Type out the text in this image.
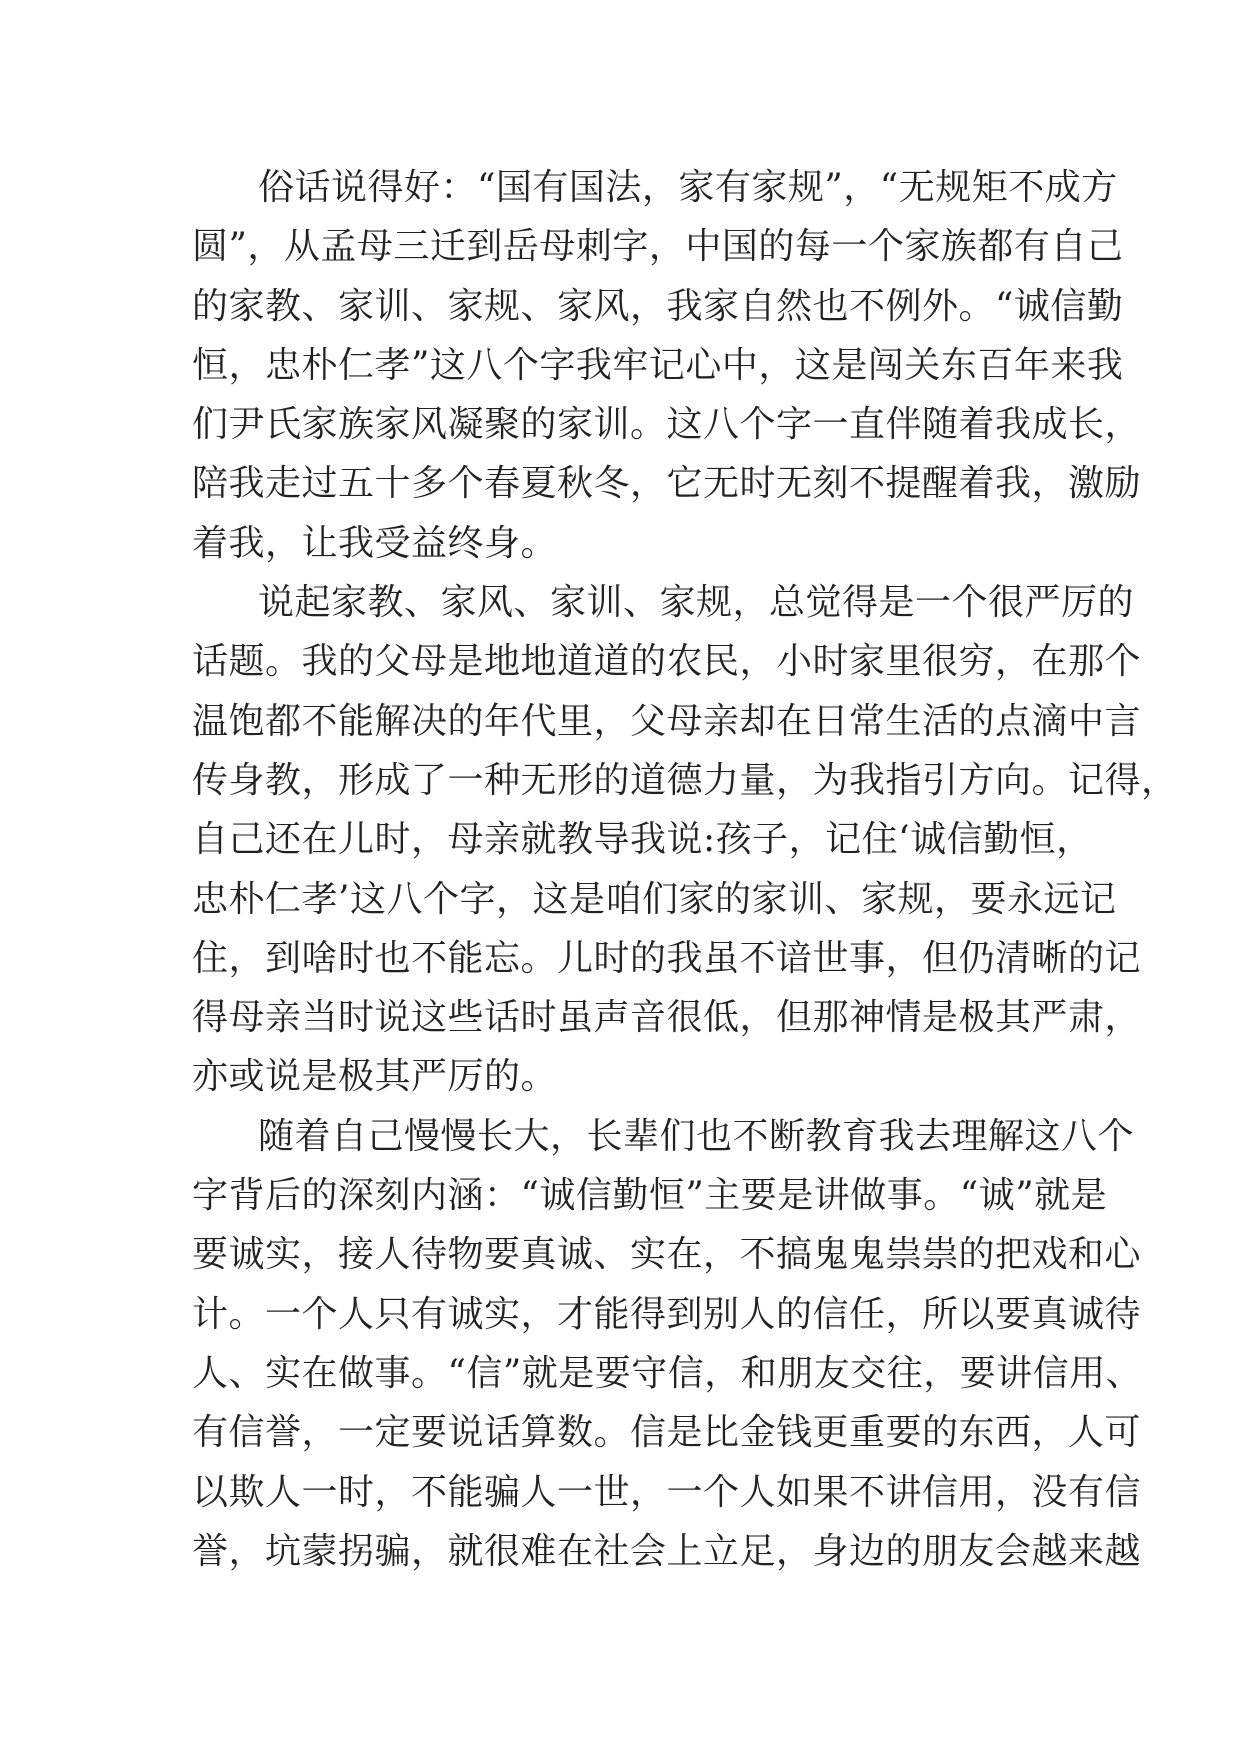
俗话说得好：“国有国法，家有家规”，“无规矩不成方
圆”，从孟母三迁到岳母刺字，中国的每一个家族都有自己
的家教、家训、家规、家风，我家自然也不例外。“诚信勤
恒，忠朴仁孝”这八个字我牢记心中，这是闯关东百年来我
们尹氏家族家风凝聚的家训。这八个字一直伴随着我成长，
陪我走过五十多个春夏秋冬，它无时无刻不提醒着我，激励
着我，让我受益终身。
说起家教、家风、家训、家规，总觉得是一个很严厉的
话题。我的父母是地地道道的农民，小时家里很穷，在那个
温饱都不能解决的年代里，父母亲却在日常生活的点滴中言
传身教，形成了一种无形的道德力量，为我指引方向。记得，
自己还在儿时，母亲就教导我说:孩子，记住‘诚信勤恒，
忠朴仁孝’这八个字，这是咱们家的家训、家规，要永远记
住，到啥时也不能忘。儿时的我虽不谙世事，但仍清晰的记
得母亲当时说这些话时虽声音很低，但那神情是极其严肃，
亦或说是极其严厉的。
随着自己慢慢长大，长辈们也不断教育我去理解这八个
字背后的深刻内涵：“诚信勤恒”主要是讲做事。“诚”就是
要诚实，接人待物要真诚、实在，不搞鬼鬼祟祟的把戏和心
计。一个人只有诚实，才能得到别人的信任，所以要真诚待
人、实在做事。“信”就是要守信，和朋友交往，要讲信用、
有信誉，一定要说话算数。信是比金钱更重要的东西，人可
以欺人一时，不能骗人一世，一个人如果不讲信用，没有信
誉，坑蒙拐骗，就很难在社会上立足，身边的朋友会越来越
